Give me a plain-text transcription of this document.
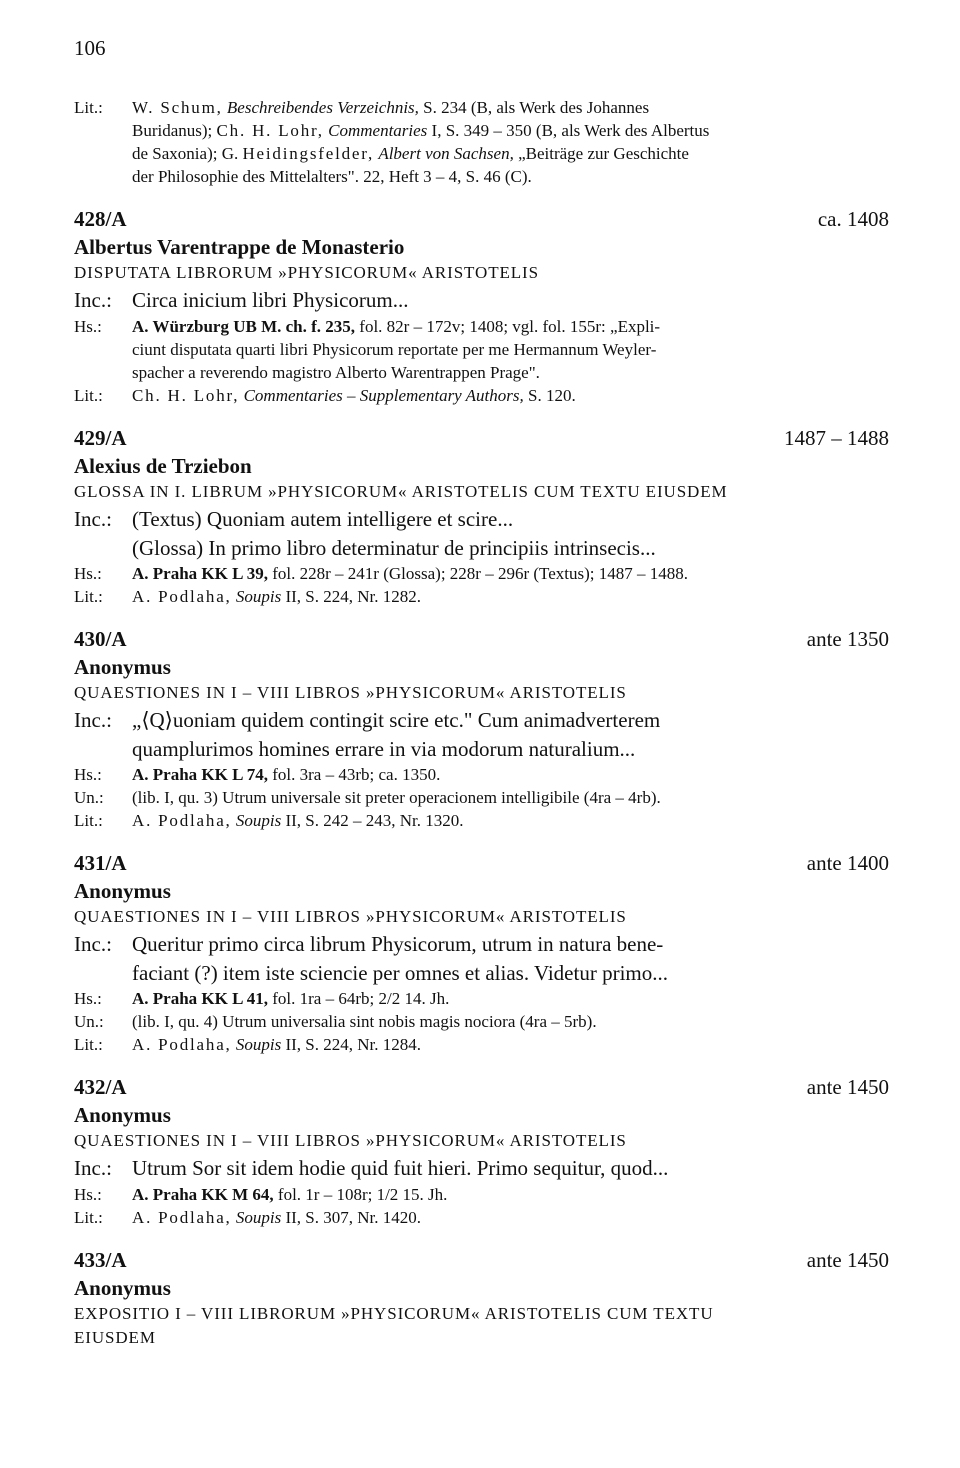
106
Lit.:	W. Schum, Beschreibendes Verzeichnis, S. 234 (B, als Werk des Johannes
Buridanus); Ch. H. Lohr, Commentaries I, S. 349 – 350 (B, als Werk des Albertus
de Saxonia); G. Heidingsfelder, Albert von Sachsen, „Beiträge zur Geschichte
der Philosophie des Mittelalters". 22, Heft 3 – 4, S. 46 (C).
428/A	ca. 1408
Albertus Varentrappe de Monasterio
DISPUTATA LIBRORUM »PHYSICORUM« ARISTOTELIS
Inc.: Circa inicium libri Physicorum...
Hs.:	A. Würzburg UB M. ch. f. 235, fol. 82r – 172v; 1408; vgl. fol. 155r: „Expli-
ciunt disputata quarti libri Physicorum reportate per me Hermannum Weyler-
spacher a reverendo magistro Alberto Warentrappen Prage".
Lit.:	Ch. H. Lohr, Commentaries – Supplementary Authors, S. 120.
429/A	1487 – 1488
Alexius de Trziebon
GLOSSA IN I. LIBRUM »PHYSICORUM« ARISTOTELIS CUM TEXTU EIUSDEM
Inc.: (Textus) Quoniam autem intelligere et scire...
(Glossa) In primo libro determinatur de principiis intrinsecis...
Hs.:	A. Praha KK L 39, fol. 228r – 241r (Glossa); 228r – 296r (Textus); 1487 – 1488.
Lit.:	A. Podlaha, Soupis II, S. 224, Nr. 1282.
430/A	ante 1350
Anonymus
QUAESTIONES IN I – VIII LIBROS »PHYSICORUM« ARISTOTELIS
Inc.: „⟨Q⟩uoniam quidem contingit scire etc." Cum animadverterem
quamplurimos homines errare in via modorum naturalium...
Hs.:	A. Praha KK L 74, fol. 3ra – 43rb; ca. 1350.
Un.:	(lib. I, qu. 3) Utrum universale sit preter operacionem intelligibile (4ra – 4rb).
Lit.:	A. Podlaha, Soupis II, S. 242 – 243, Nr. 1320.
431/A	ante 1400
Anonymus
QUAESTIONES IN I – VIII LIBROS »PHYSICORUM« ARISTOTELIS
Inc.: Queritur primo circa librum Physicorum, utrum in natura bene-
faciant (?) item iste sciencie per omnes et alias. Videtur primo...
Hs.:	A. Praha KK L 41, fol. 1ra – 64rb; 2/2 14. Jh.
Un.:	(lib. I, qu. 4) Utrum universalia sint nobis magis nociora (4ra – 5rb).
Lit.:	A. Podlaha, Soupis II, S. 224, Nr. 1284.
432/A	ante 1450
Anonymus
QUAESTIONES IN I – VIII LIBROS »PHYSICORUM« ARISTOTELIS
Inc.: Utrum Sor sit idem hodie quid fuit hieri. Primo sequitur, quod...
Hs.:	A. Praha KK M 64, fol. 1r – 108r; 1/2 15. Jh.
Lit.:	A. Podlaha, Soupis II, S. 307, Nr. 1420.
433/A	ante 1450
Anonymus
EXPOSITIO I – VIII LIBRORUM »PHYSICORUM« ARISTOTELIS CUM TEXTU
EIUSDEM
